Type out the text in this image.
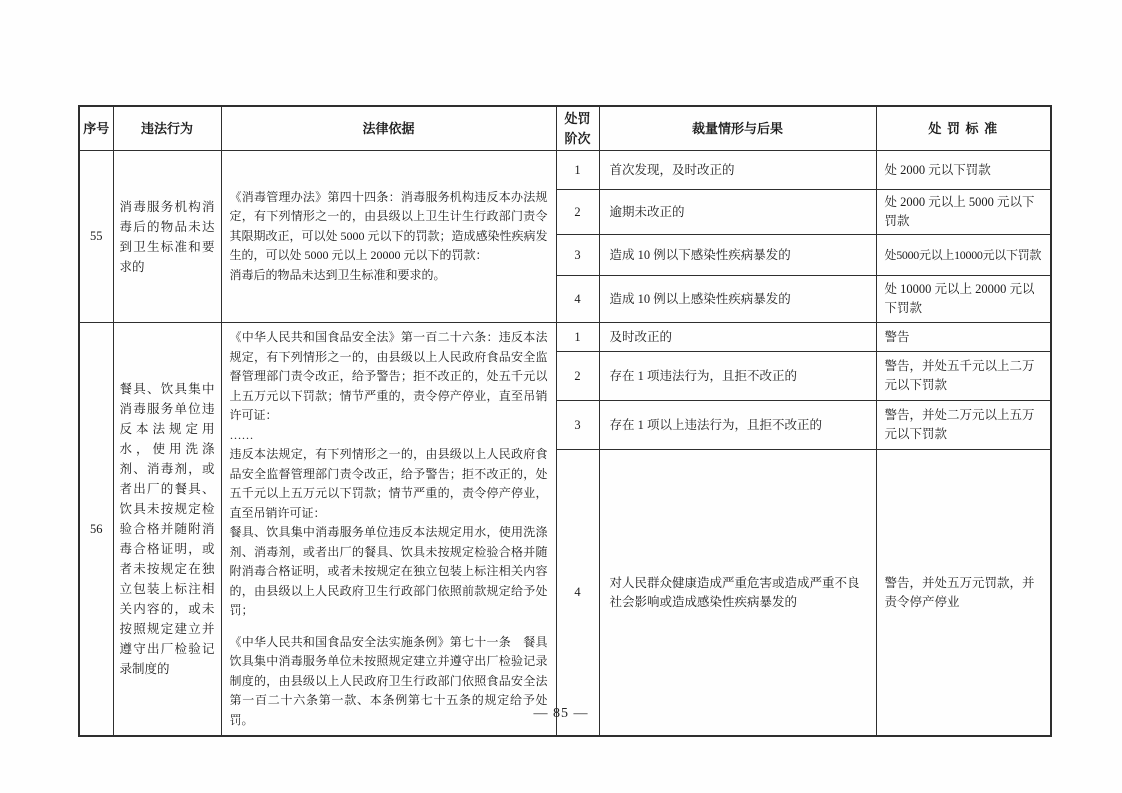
序号	违法行为	法律依据	处罚阶次	裁量情形与后果	处 罚 标 准
55	消毒服务机构消毒后的物品未达到卫生标准和要求的	《消毒管理办法》第四十四条：消毒服务机构违反本办法规定，有下列情形之一的，由县级以上卫生计生行政部门责令其限期改正，可以处 5000 元以下的罚款；造成感染性疾病发生的，可以处 5000 元以上 20000 元以下的罚款：

消毒后的物品未达到卫生标准和要求的。	1	首次发现，及时改正的	处 2000 元以下罚款
			2	逾期未改正的	处 2000 元以上 5000 元以下罚款
			3	造成 10 例以下感染性疾病暴发的	处5000元以上10000元以下罚款
			4	造成 10 例以上感染性疾病暴发的	处 10000 元以上 20000 元以下罚款
56	餐具、饮具集中消毒服务单位违反本法规定用水，使用洗涤剂、消毒剂，或者出厂的餐具、饮具未按规定检验合格并随附消毒合格证明，或者未按规定在独立包装上标注相关内容的，或未按照规定建立并遵守出厂检验记录制度的	《中华人民共和国食品安全法》第一百二十六条：违反本法规定，有下列情形之一的，由县级以上人民政府食品安全监督管理部门责令改正，给予警告；拒不改正的，处五千元以上五万元以下罚款；情节严重的，责令停产停业，直至吊销许可证：

……

违反本法规定，有下列情形之一的，由县级以上人民政府食品安全监督管理部门责令改正，给予警告；拒不改正的，处五千元以上五万元以下罚款；情节严重的，责令停产停业，直至吊销许可证：

餐具、饮具集中消毒服务单位违反本法规定用水，使用洗涤剂、消毒剂，或者出厂的餐具、饮具未按规定检验合格并随附消毒合格证明，或者未按规定在独立包装上标注相关内容的，由县级以上人民政府卫生行政部门依照前款规定给予处罚；

《中华人民共和国食品安全法实施条例》第七十一条　餐具饮具集中消毒服务单位未按照规定建立并遵守出厂检验记录制度的，由县级以上人民政府卫生行政部门依照食品安全法第一百二十六条第一款、本条例第七十五条的规定给予处罚。	1	及时改正的	警告
			2	存在 1 项违法行为，且拒不改正的	警告，并处五千元以上二万元以下罚款
			3	存在 1 项以上违法行为，且拒不改正的	警告，并处二万元以上五万元以下罚款
			4	对人民群众健康造成严重危害或造成严重不良社会影响或造成感染性疾病暴发的	警告，并处五万元罚款，并责令停产停业
— 85 —
